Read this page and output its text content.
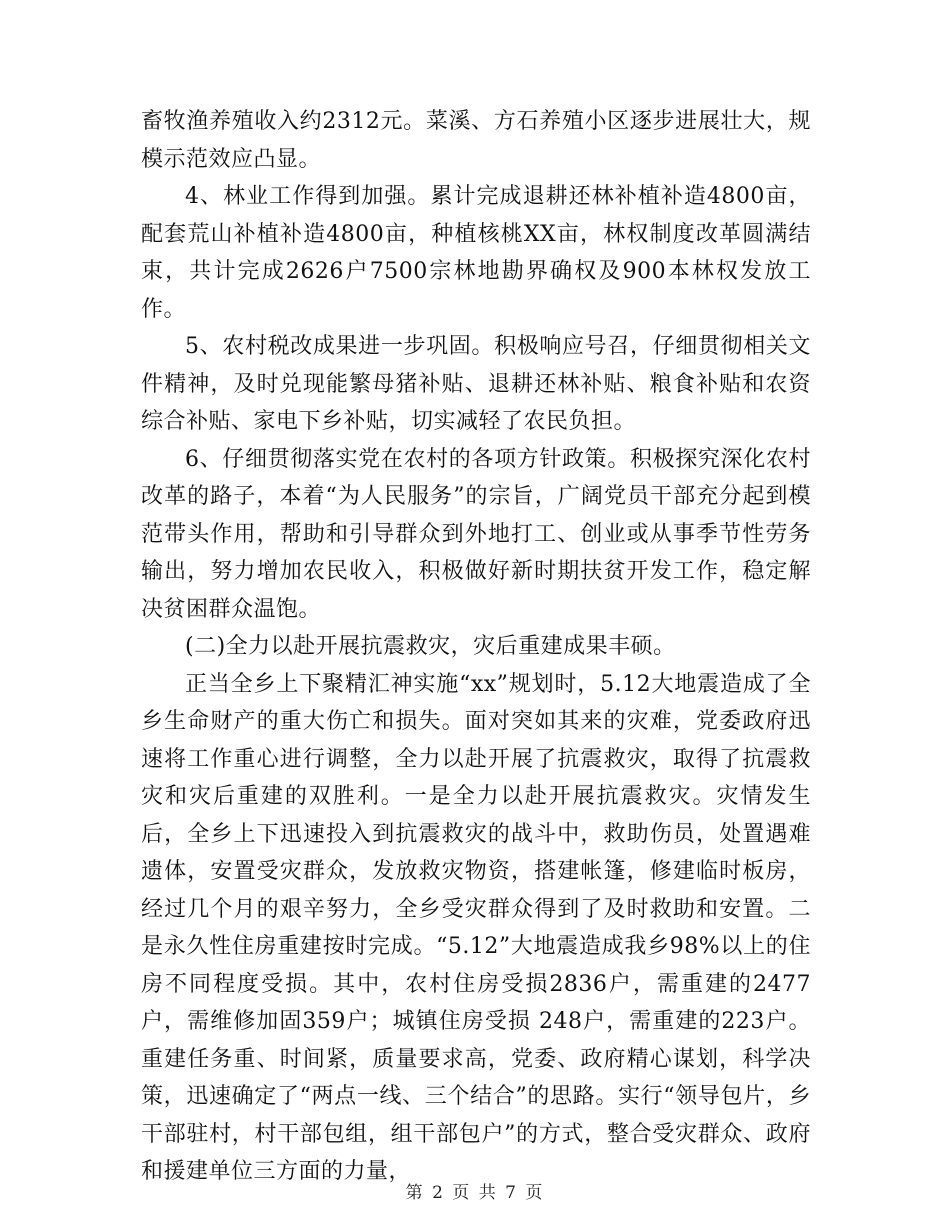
畜牧渔养殖收入约2312元。菜溪、方石养殖小区逐步进展壮大，规模示范效应凸显。

4、林业工作得到加强。累计完成退耕还林补植补造4800亩，配套荒山补植补造4800亩，种植核桃XX亩，林权制度改革圆满结束，共计完成2626户7500宗林地勘界确权及900本林权发放工作。

5、农村税改成果进一步巩固。积极响应号召，仔细贯彻相关文件精神，及时兑现能繁母猪补贴、退耕还林补贴、粮食补贴和农资综合补贴、家电下乡补贴，切实减轻了农民负担。

6、仔细贯彻落实党在农村的各项方针政策。积极探究深化农村改革的路子，本着“为人民服务”的宗旨，广阔党员干部充分起到模范带头作用，帮助和引导群众到外地打工、创业或从事季节性劳务输出，努力增加农民收入，积极做好新时期扶贫开发工作，稳定解决贫困群众温饱。

(二)全力以赴开展抗震救灾，灾后重建成果丰硕。

正当全乡上下聚精汇神实施“xx”规划时，5.12大地震造成了全乡生命财产的重大伤亡和损失。面对突如其来的灾难，党委政府迅速将工作重心进行调整，全力以赴开展了抗震救灾，取得了抗震救灾和灾后重建的双胜利。一是全力以赴开展抗震救灾。灾情发生后，全乡上下迅速投入到抗震救灾的战斗中，救助伤员，处置遇难遗体，安置受灾群众，发放救灾物资，搭建帐篷，修建临时板房，经过几个月的艰辛努力，全乡受灾群众得到了及时救助和安置。二是永久性住房重建按时完成。“5.12”大地震造成我乡98%以上的住房不同程度受损。其中，农村住房受损2836户，需重建的2477户，需维修加固359户；城镇住房受损 248户，需重建的223户。重建任务重、时间紧，质量要求高，党委、政府精心谋划，科学决策，迅速确定了“两点一线、三个结合”的思路。实行“领导包片，乡干部驻村，村干部包组，组干部包户”的方式，整合受灾群众、政府和援建单位三方面的力量，

第 2 页 共 7 页
